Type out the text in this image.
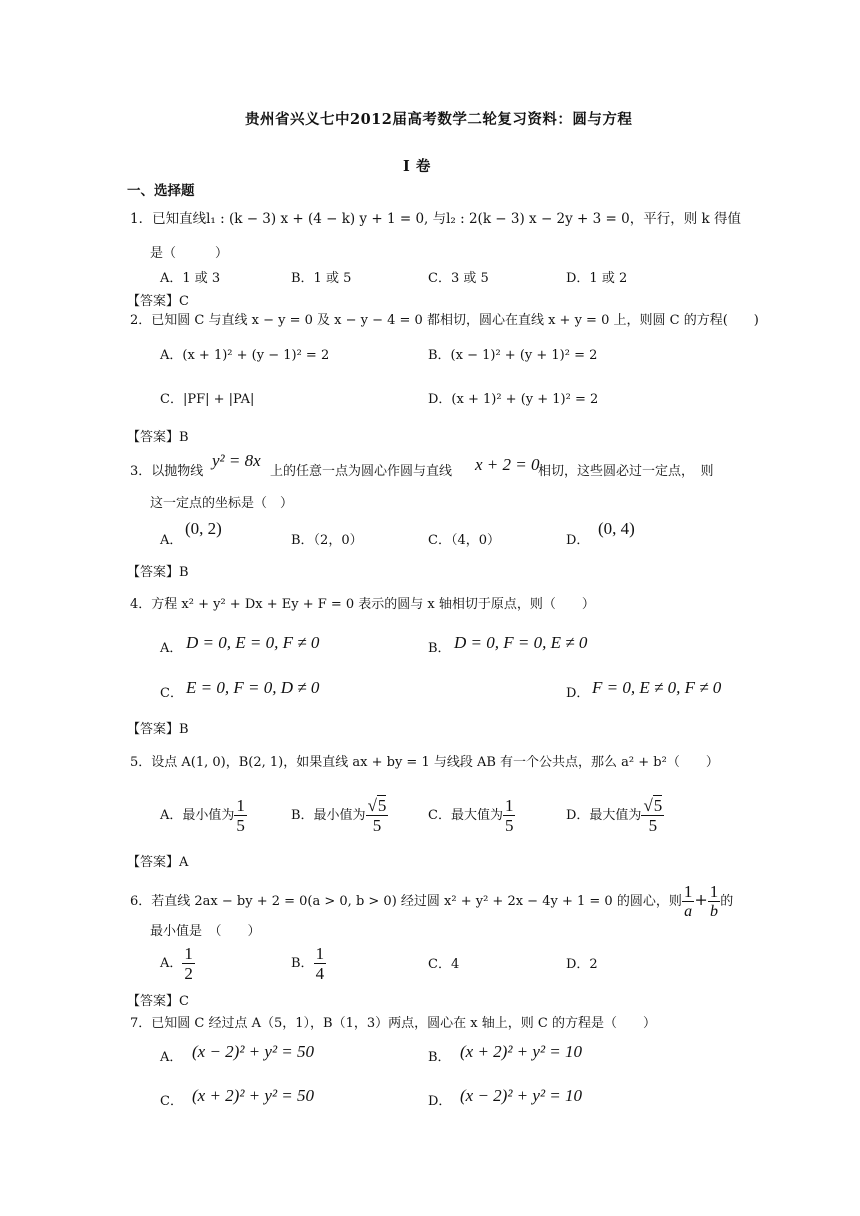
贵州省兴义七中2012届高考数学二轮复习资料：圆与方程
I 卷
一、选择题
1．已知直线l₁ : (k − 3) x + (4 − k) y + 1 = 0, 与l₂ : 2(k − 3) x − 2y + 3 = 0，平行，则 k 得值
是（　　　）
A．1 或 3	B．1 或 5	C．3 或 5	D．1 或 2
【答案】C
2．已知圆 C 与直线 x − y = 0 及 x − y − 4 = 0 都相切，圆心在直线 x + y = 0 上，则圆 C 的方程(　　)
A．(x + 1)² + (y − 1)² = 2	B．(x − 1)² + (y + 1)² = 2
C．|PF| + |PA|	D．(x + 1)² + (y + 1)² = 2
【答案】B
3．以抛物线
y² = 8x
上的任意一点为圆心作圆与直线 x + 2 = 0
相切，这些圆必过一定点，　则
这一定点的坐标是（　）
A．
(0, 2)
B．（2，0）	C．（4，0）	D．
(0, 4)
【答案】B
4．方程 x² + y² + Dx + Ey + F = 0 表示的圆与 x 轴相切于原点，则（　　）
A． D = 0, E = 0, F ≠ 0	B． D = 0, F = 0, E ≠ 0
C． E = 0, F = 0, D ≠ 0	D． F = 0, E ≠ 0, F ≠ 0
【答案】B
5．设点 A(1, 0)，B(2, 1)，如果直线 ax + by = 1 与线段 AB 有一个公共点，那么 a² + b²（　　）
A．最小值为 $\frac{1}{5}$	B．最小值为 $\frac{√5}{5}$	C．最大值为 $\frac{1}{5}$	D．最大值为 $\frac{√5}{5}$
【答案】A
6．若直线 2ax − by + 2 = 0(a > 0, b > 0) 经过圆 x² + y² + 2x − 4y + 1 = 0 的圆心，则 $\frac{1}{a} + \frac{1}{b}$ 的
最小值是　（　　）
A． $\frac{1}{2}$	B． $\frac{1}{4}$	C．4	D．2
【答案】C
7．已知圆 C 经过点 A（5，1），B（1，3）两点，圆心在 x 轴上，则 C 的方程是（　　）
A． (x − 2)² + y² = 50	B． (x + 2)² + y² = 10
C． (x + 2)² + y² = 50	D． (x − 2)² + y² = 10
